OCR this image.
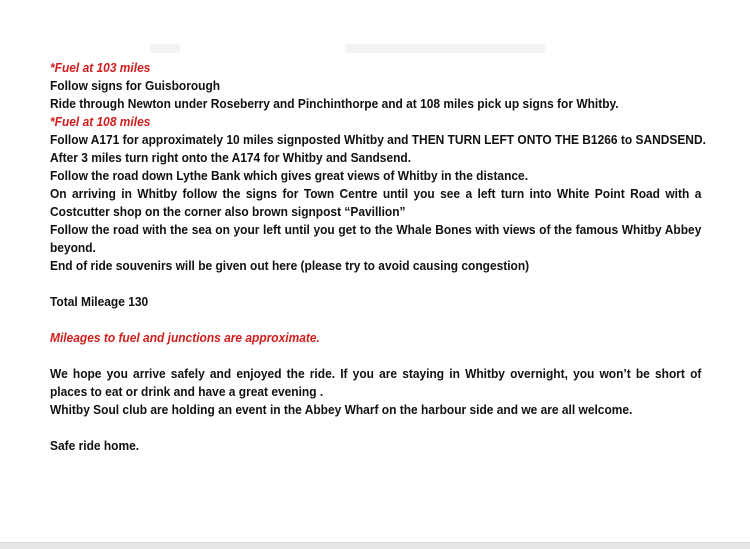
*Fuel at 103 miles
Follow signs for Guisborough
Ride through Newton under Roseberry and Pinchinthorpe and at 108 miles pick up signs for Whitby.
*Fuel at 108 miles
Follow A171 for approximately 10 miles signposted Whitby and THEN TURN LEFT ONTO THE B1266 to SANDSEND.
After 3 miles turn right onto the A174 for Whitby and Sandsend.
Follow the road down Lythe Bank which gives great views of Whitby in the distance.
On arriving in Whitby follow the signs for Town Centre until you see a left turn into White Point Road with a Costcutter shop on the corner also brown signpost “Pavillion”
Follow the road with the sea on your left until you get to the Whale Bones with views of the famous Whitby Abbey beyond.
End of ride souvenirs will be given out here (please try to avoid causing congestion)
Total Mileage 130
Mileages to fuel and junctions are approximate.
We hope you arrive safely and enjoyed the ride. If you are staying in Whitby overnight, you won’t be short of places to eat or drink and have a great evening .
Whitby Soul club are holding an event in the Abbey Wharf on the harbour side and we are all welcome.
Safe ride home.
